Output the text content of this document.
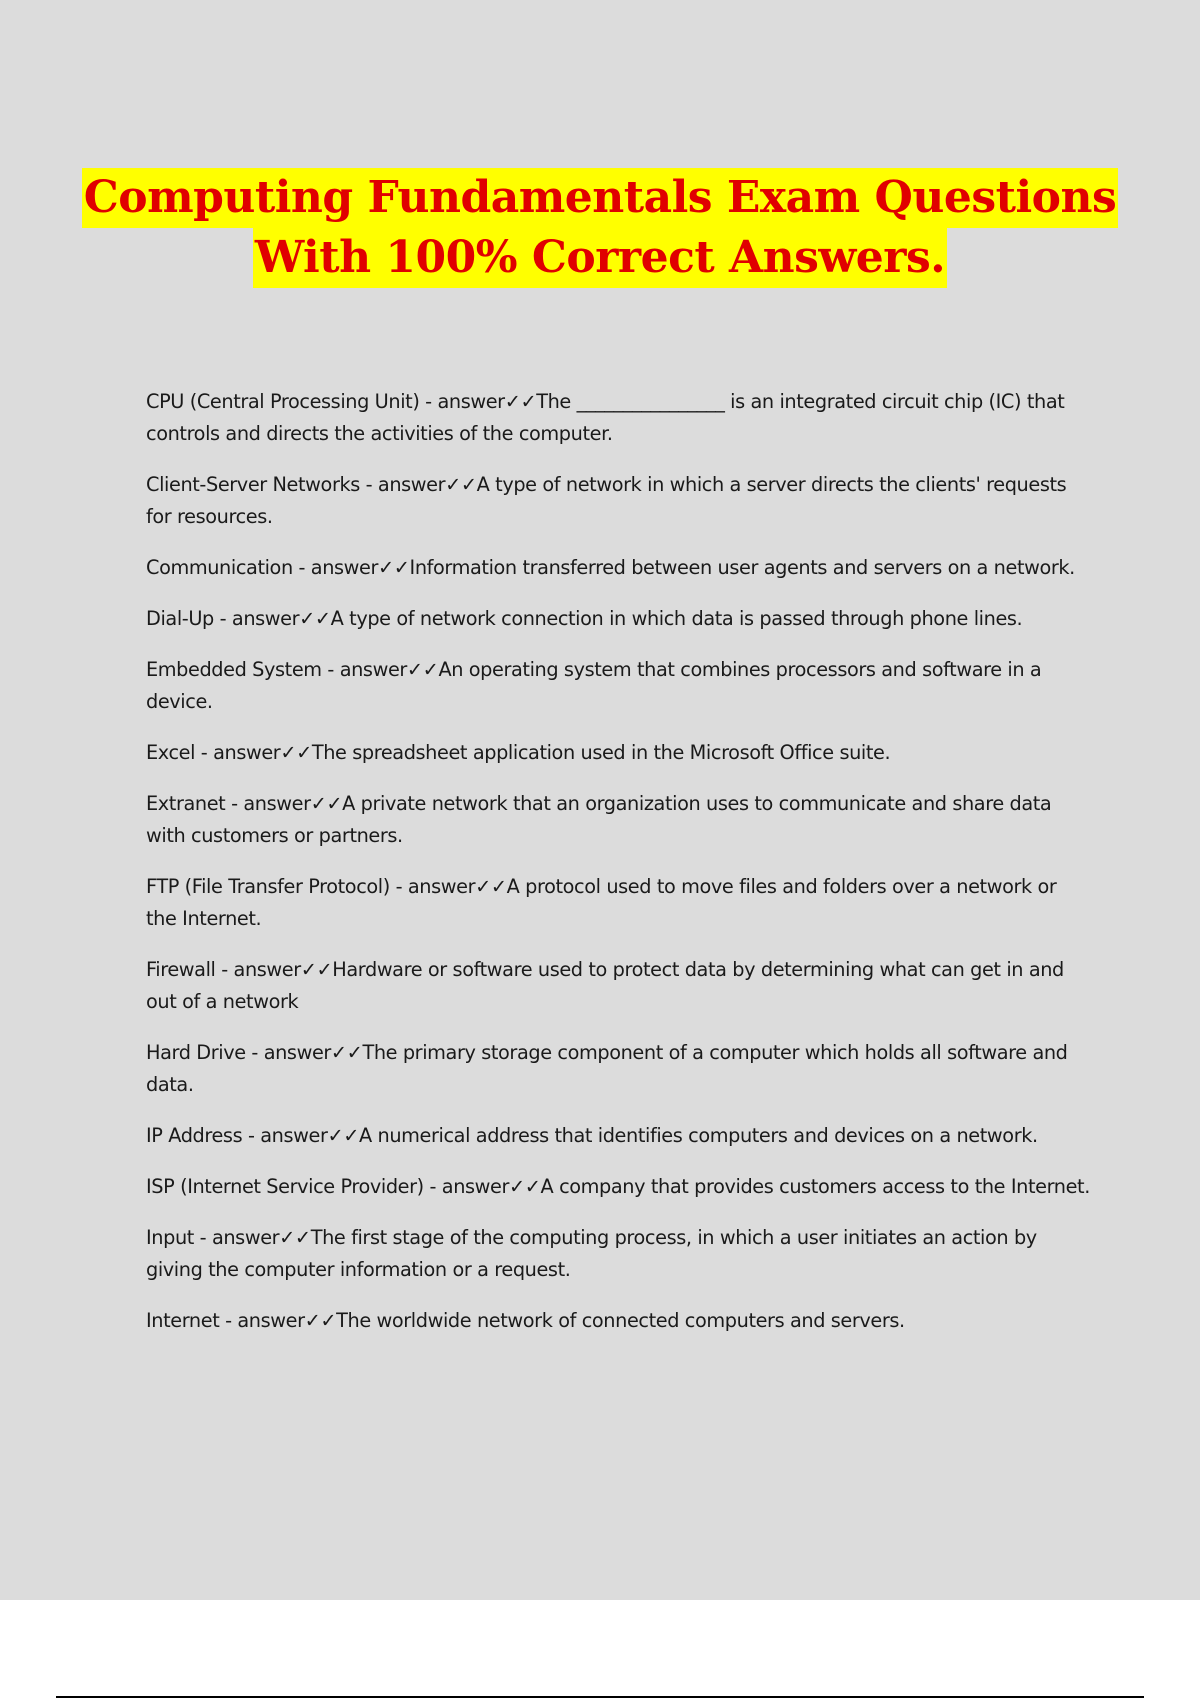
Computing Fundamentals Exam Questions
With 100% Correct Answers.

CPU (Central Processing Unit) - answer✓✓The ________________ is an integrated circuit chip (IC) that controls and directs the activities of the computer.

Client-Server Networks - answer✓✓A type of network in which a server directs the clients' requests for resources.

Communication - answer✓✓Information transferred between user agents and servers on a network.

Dial-Up - answer✓✓A type of network connection in which data is passed through phone lines.

Embedded System - answer✓✓An operating system that combines processors and software in a device.

Excel - answer✓✓The spreadsheet application used in the Microsoft Office suite.

Extranet - answer✓✓A private network that an organization uses to communicate and share data with customers or partners.

FTP (File Transfer Protocol) - answer✓✓A protocol used to move files and folders over a network or the Internet.

Firewall - answer✓✓Hardware or software used to protect data by determining what can get in and out of a network

Hard Drive - answer✓✓The primary storage component of a computer which holds all software and data.

IP Address - answer✓✓A numerical address that identifies computers and devices on a network.

ISP (Internet Service Provider) - answer✓✓A company that provides customers access to the Internet.

Input - answer✓✓The first stage of the computing process, in which a user initiates an action by giving the computer information or a request.

Internet - answer✓✓The worldwide network of connected computers and servers.
